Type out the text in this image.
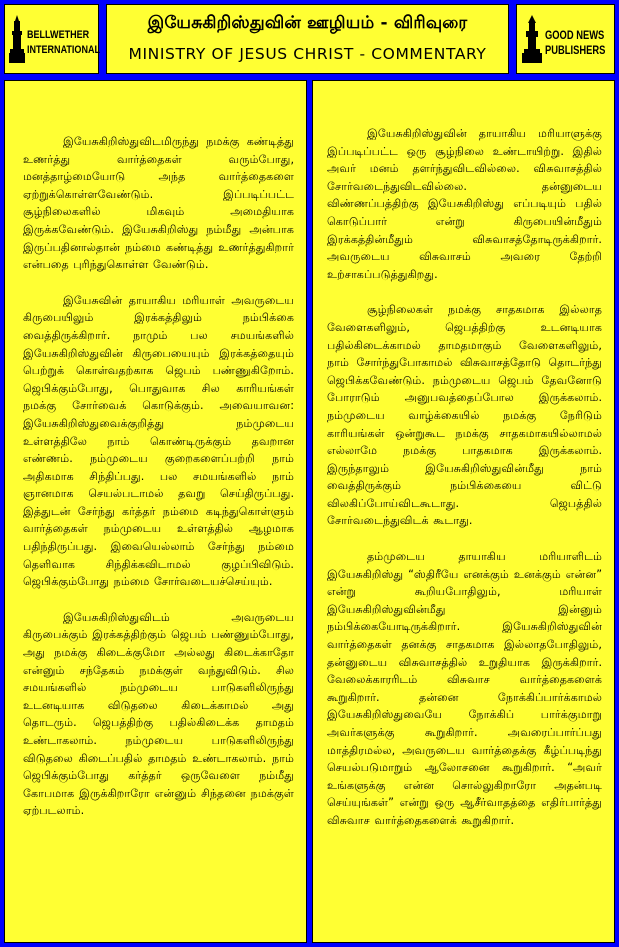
BELLWETHER
INTERNATIONAL
இயேசுகிறிஸ்துவின் ஊழியம் - விரிவுரை
MINISTRY OF JESUS CHRIST - COMMENTARY
GOOD NEWS
PUBLISHERS

இயேசுகிறிஸ்துவிடமிருந்து நமக்கு கண்டித்து உணர்த்து வார்த்தைகள் வரும்போது, மனத்தாழ்மையோடு அந்த வார்த்தைகளை ஏற்றுக்கொள்ளவேண்டும். இப்படிப்பட்ட சூழ்நிலைகளில் மிகவும் அமைதியாக இருக்கவேண்டும். இயேசுகிறிஸ்து நம்மீது அன்பாக இருப்பதினால்தான் நம்மை கண்டித்து உணர்த்துகிறார் என்பதை புரிந்துகொள்ள வேண்டும்.

இயேசுவின் தாயாகிய மரியாள் அவருடைய கிருபையிலும் இரக்கத்திலும் நம்பிக்கை வைத்திருக்கிறார். நாமும் பல சமயங்களில் இயேசுகிறிஸ்துவின் கிருபையையும் இரக்கத்தையும் பெற்றுக் கொள்வதற்காக ஜெபம் பண்ணுகிறோம். ஜெபிக்கும்போது, பொதுவாக சில காரியங்கள் நமக்கு சோர்வைக் கொடுக்கும். அவையாவன: இயேசுகிறிஸ்துவைக்குறித்து நம்முடைய உள்ளத்திலே நாம் கொண்டிருக்கும் தவறான எண்ணம். நம்முடைய குறைகளைப்பற்றி நாம் அதிகமாக சிந்திப்பது. பல சமயங்களில் நாம் ஞானமாக செயல்படாமல் தவறு செய்திருப்பது. இத்துடன் சேர்ந்து கர்த்தர் நம்மை கடிந்துகொள்ளும் வார்த்தைகள் நம்முடைய உள்ளத்தில் ஆழமாக பதிந்திருப்பது. இவையெல்லாம் சேர்ந்து நம்மை தெளிவாக சிந்திக்கவிடாமல் குழப்பிவிடும். ஜெபிக்கும்போது நம்மை சோர்வடையச்செய்யும்.

இயேசுகிறிஸ்துவிடம் அவருடைய கிருபைக்கும் இரக்கத்திற்கும் ஜெபம் பண்ணும்போது, அது நமக்கு கிடைக்குமோ அல்லது கிடைக்காதோ என்னும் சந்தேகம் நமக்குள் வந்துவிடும். சில சமயங்களில் நம்முடைய பாடுகளிலிருந்து உடனடியாக விடுதலை கிடைக்காமல் அது தொடரும். ஜெபத்திற்கு பதில்கிடைக்க தாமதம் உண்டாகலாம். நம்முடைய பாடுகளிலிருந்து விடுதலை கிடைப்பதில் தாமதம் உண்டாகலாம். நாம் ஜெபிக்கும்போது கர்த்தர் ஒருவேளை நம்மீது கோபமாக இருக்கிறாரோ என்னும் சிந்தனை நமக்குள் ஏற்படலாம்.

இயேசுகிறிஸ்துவின் தாயாகிய மரியாளுக்கு இப்படிப்பட்ட ஒரு சூழ்நிலை உண்டாயிற்று. இதில் அவர் மனம் தளர்ந்துவிடவில்லை. விசுவாசத்தில் சோர்வடைந்துவிடவில்லை. தன்னுடைய விண்ணப்பத்திற்கு இயேசுகிறிஸ்து எப்படியும் பதில் கொடுப்பார் என்று கிருபையின்மீதும் இரக்கத்தின்மீதும் விசுவாசத்தோடிருக்கிறார். அவருடைய விசுவாசம் அவரை தேற்றி உற்சாகப்படுத்துகிறது.

சூழ்நிலைகள் நமக்கு சாதகமாக இல்லாத வேளைகளிலும், ஜெபத்திற்கு உடனடியாக பதில்கிடைக்காமல் தாமதமாகும் வேளைகளிலும், நாம் சோர்ந்துபோகாமல் விசுவாசத்தோடு தொடர்ந்து ஜெபிக்கவேண்டும். நம்முடைய ஜெபம் தேவனோடு போராடும் அனுபவத்தைப்போல இருக்கலாம். நம்முடைய வாழ்க்கையில் நமக்கு நேரிடும் காரியங்கள் ஒன்றுகூட நமக்கு சாதகமாகயில்லாமல் எல்லாமே நமக்கு பாதகமாக இருக்கலாம். இருந்தாலும் இயேசுகிறிஸ்துவின்மீது நாம் வைத்திருக்கும் நம்பிக்கையை விட்டு விலகிப்போய்விடகூடாது. ஜெபத்தில் சோர்வடைந்துவிடக் கூடாது.

தம்முடைய தாயாகிய மரியாளிடம் இயேசுகிறிஸ்து “ஸ்திரீயே எனக்கும் உனக்கும் என்ன” என்று கூறியபோதிலும், மரியாள் இயேசுகிறிஸ்துவின்மீது இன்னும் நம்பிக்கையோடிருக்கிறார். இயேசுகிறிஸ்துவின் வார்த்தைகள் தனக்கு சாதகமாக இல்லாதபோதிலும், தன்னுடைய விசுவாசத்தில் உறுதியாக இருக்கிறார். வேலைக்காரரிடம் விசுவாச வார்த்தைகளைக் கூறுகிறார். தன்னை நோக்கிப்பார்க்காமல் இயேசுகிறிஸ்துவையே நோக்கிப் பார்க்குமாறு அவர்களுக்கு கூறுகிறார். அவரைப்பார்ப்பது மாத்திரமல்ல, அவருடைய வார்த்தைக்கு கீழ்ப்படிந்து செயல்படுமாறும் ஆலோசனை கூறுகிறார். “அவர் உங்களுக்கு என்ன சொல்லுகிறாரோ அதன்படி செய்யுங்கள்” என்று ஒரு ஆசீர்வாதத்தை எதிர்பார்த்து விசுவாச வார்த்தைகளைக் கூறுகிறார்.
